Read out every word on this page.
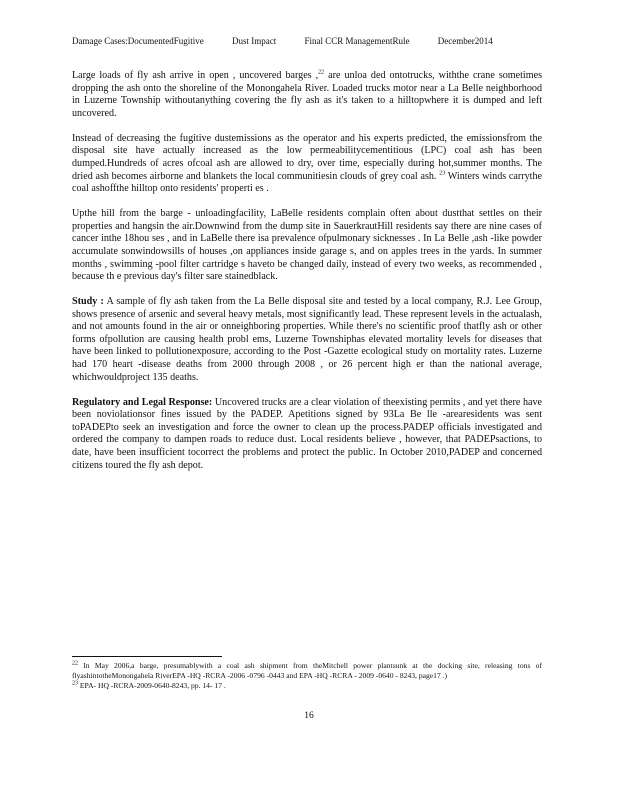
Damage Cases:DocumentedFugitive	Dust Impact	Final CCR ManagementRule	December2014

Large loads of fly ash arrive in open , uncovered barges ,$^{22}$ are unloa ded ontotrucks, withthe crane sometimes dropping the ash onto the shoreline of the Monongahela River. Loaded trucks motor near a La Belle neighborhood in Luzerne Township withoutanything covering the fly ash as it's taken to a hilltopwhere it is dumped and left uncovered.

Instead of decreasing the fugitive dustemissions as the operator and his experts predicted, the emissionsfrom the disposal site have actually increased as the low permeabilitycementitious (LPC) coal ash has been dumped.Hundreds of acres ofcoal ash are allowed to dry, over time, especially during hot,summer months. The dried ash becomes airborne and blankets the local communitiesin clouds of grey coal ash. $^{23}$ Winters winds carrythe coal ashoffthe hilltop onto residents' properti es .

Upthe hill from the barge - unloadingfacility, LaBelle residents complain often about dustthat settles on their properties and hangsin the air.Downwind from the dump site in SauerkrautHill residents say there are nine cases of cancer inthe 18hou ses , and in LaBelle there isa prevalence ofpulmonary sicknesses . In La Belle ,ash -like powder accumulate sonwindowsills of houses ,on appliances inside garage s, and on apples trees in the yards. In summer months , swimming -pool filter cartridge s haveto be changed daily, instead of every two weeks, as recommended , because th e previous day's filter sare stainedblack.

Study : A sample of fly ash taken from the La Belle disposal site and tested by a local company, R.J. Lee Group, shows presence of arsenic and several heavy metals, most significantly lead. These represent levels in the actualash, and not amounts found in the air or onneighboring properties. While there's no scientific proof thatfly ash or other forms ofpollution are causing health probl ems, Luzerne Townshiphas elevated mortality levels for diseases that have been linked to pollutionexposure, according to the Post -Gazette ecological study on mortality rates. Luzerne had 170 heart -disease deaths from 2000 through 2008 , or 26 percent high er than the national average, whichwouldproject 135 deaths.

Regulatory and Legal Response: Uncovered trucks are a clear violation of theexisting permits , and yet there have been noviolationsor fines issued by the PADEP. Apetitions signed by 93La Be lle -arearesidents was sent toPADEPto seek an investigation and force the owner to clean up the process.PADEP officials investigated and ordered the company to dampen roads to reduce dust. Local residents believe , however, that PADEPsactions, to date, have been insufficient tocorrect the problems and protect the public. In October 2010,PADEP and concerned citizens toured the fly ash depot.

$^{22}$ In May 2006,a barge, presumablywith a coal ash shipment from theMitchell power plantsunk at the docking site, releasing tons of flyashintotheMonongahela RiverEPA -HQ -RCRA -2006 -0796 -0443 and EPA -HQ -RCRA - 2009 -0640 - 8243, page17 .)

$^{23}$ EPA- HQ -RCRA-2009-0640-8243, pp. 14- 17 .

16
